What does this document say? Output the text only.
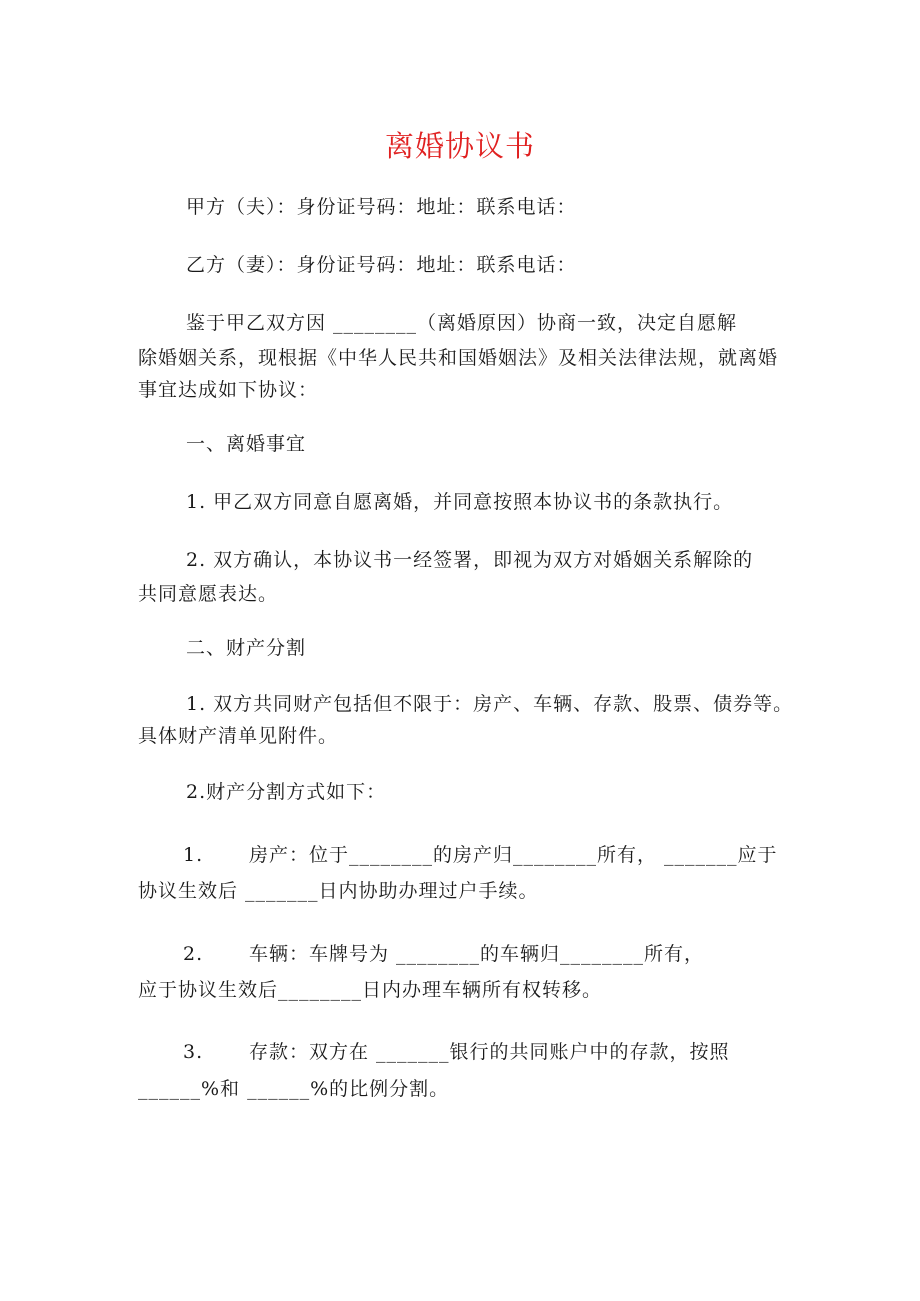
离婚协议书
甲方（夫）：身份证号码：地址：联系电话：
乙方（妻）：身份证号码：地址：联系电话：
鉴于甲乙双方因 ________（离婚原因）协商一致，决定自愿解
除婚姻关系，现根据《中华人民共和国婚姻法》及相关法律法规，就离婚
事宜达成如下协议：
一、离婚事宜
1. 甲乙双方同意自愿离婚，并同意按照本协议书的条款执行。
2. 双方确认，本协议书一经签署，即视为双方对婚姻关系解除的
共同意愿表达。
二、财产分割
1. 双方共同财产包括但不限于：房产、车辆、存款、股票、债券等。
具体财产清单见附件。
2.财产分割方式如下：
1. 房产：位于________的房产归________所有， _______应于
协议生效后 _______日内协助办理过户手续。
2. 车辆：车牌号为 ________的车辆归________所有，
应于协议生效后________日内办理车辆所有权转移。
3. 存款：双方在 _______银行的共同账户中的存款，按照
______%和 ______%的比例分割。
